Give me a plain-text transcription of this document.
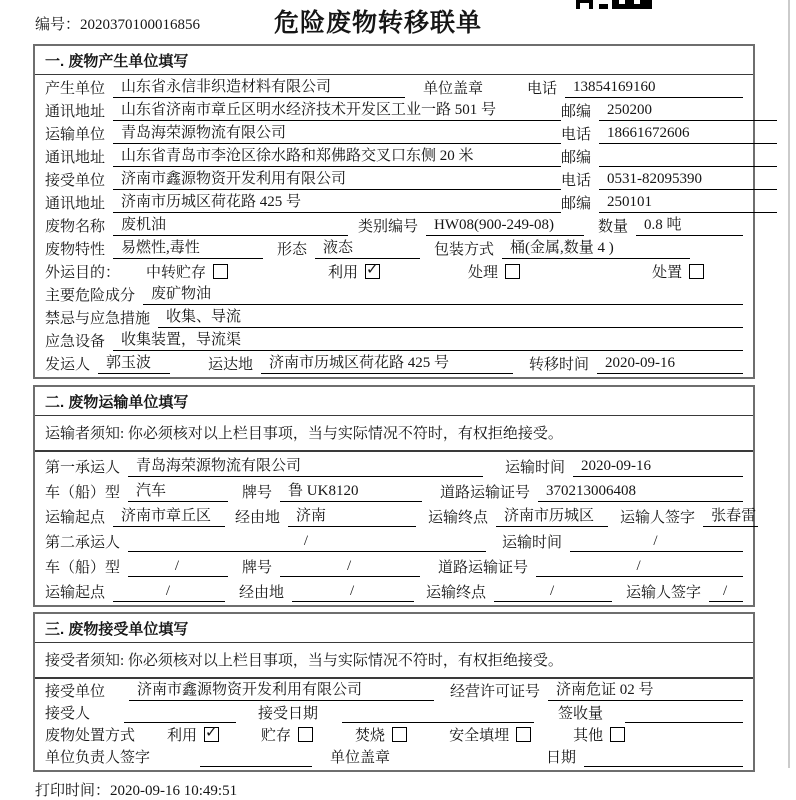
编号：2020370100016856	危险废物转移联单
一. 废物产生单位填写
产生单位	山东省永信非织造材料有限公司	单位盖章	电话	13854169160
通讯地址	山东省济南市章丘区明水经济技术开发区工业一路 501 号	邮编	250200
运输单位	青岛海荣源物流有限公司	电话	18661672606
通讯地址	山东省青岛市李沧区徐水路和郑佛路交叉口东侧 20 米	邮编
接受单位	济南市鑫源物资开发利用有限公司	电话	0531-82095390
通讯地址	济南市历城区荷花路 425 号	邮编	250101
废物名称	废机油	类别编号	HW08(900-249-08)	数量	0.8 吨
废物特性	易燃性,毒性	形态	液态	包装方式	桶(金属,数量 4 )
外运目的： 中转贮存	利用 ✓	处理	处置
主要危险成分	废矿物油
禁忌与应急措施	收集、导流
应急设备	收集装置，导流渠
发运人	郭玉波	运达地	济南市历城区荷花路 425 号	转移时间	2020-09-16
二. 废物运输单位填写
运输者须知: 你必须核对以上栏目事项，当与实际情况不符时，有权拒绝接受。
第一承运人	青岛海荣源物流有限公司	运输时间	2020-09-16
车（船）型	汽车	牌号	鲁 UK8120	道路运输证号	370213006408
运输起点	济南市章丘区	经由地	济南	运输终点	济南市历城区	运输人签字	张春雷
第二承运人	/	运输时间	/
车（船）型	/	牌号	/	道路运输证号	/
运输起点	/	经由地	/	运输终点	/	运输人签字	/
三. 废物接受单位填写
接受者须知: 你必须核对以上栏目事项，当与实际情况不符时，有权拒绝接受。
接受单位	济南市鑫源物资开发利用有限公司	经营许可证号	济南危证 02 号
接受人	接受日期	签收量
废物处置方式 利用 ✓	贮存	焚烧	安全填埋	其他
单位负责人签字	单位盖章	日期
打印时间：2020-09-16 10:49:51
